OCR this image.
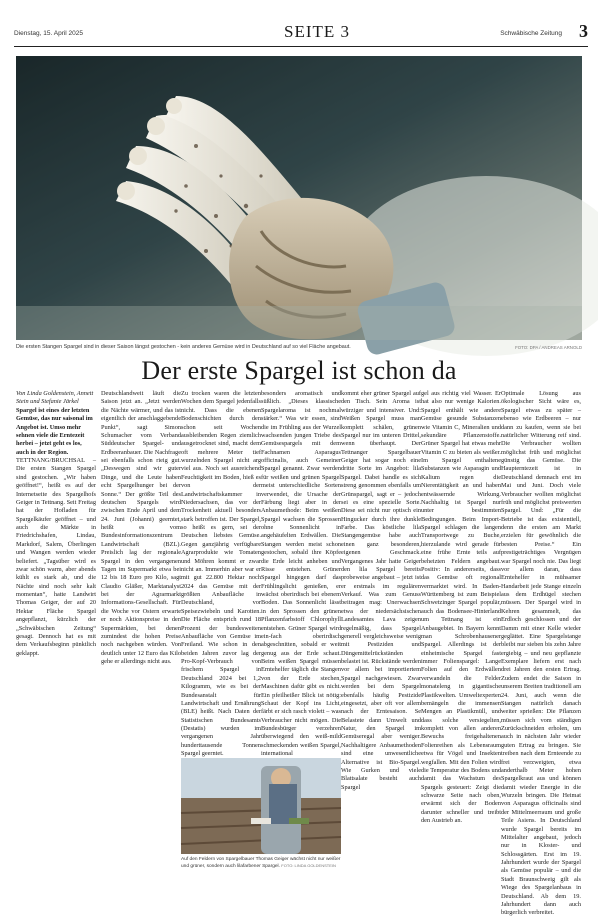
Dienstag, 15. April 2025	SEITE 3	Schwäbische Zeitung 3
Die ersten Stangen Spargel sind in dieser Saison längst gestochen - kein anderes Gemüse wird in Deutschland auf so viel Fläche angebaut.	FOTO: DPA / ANDREAS ARNOLD
Der erste Spargel ist schon da

Von Linda Goldenstein, Annett Stein und Stefanie Järkel

Spargel ist eines der letzten Gemüse, das nur saisonal im Angebot ist. Umso mehr sehnen viele die Erntezeit herbei – jetzt geht es los, auch in der Region.

TETTNANG/BRUCHSAL – Die ersten Stangen Spargel sind gestochen. „Wir haben geöffnet!“, heißt es auf der Internetseite des Spargelhofs Geiger in Tettnang. Seit Freitag hat der Hofladen für Spargelkäufer geöffnet – und auch die Märkte in Friedrichshafen, Lindau, Markdorf, Salem, Überlingen und Wangen werden wieder beliefert. „Tagsüber wird es zwar schön warm, aber abends kühlt es stark ab, und die Nächte sind noch sehr kalt momentan“, hatte Landwirt Thomas Geiger, der auf 20 Hektar Fläche Spargel angepflanzt, kürzlich der „Schwäbischen Zeitung“ gesagt. Dennoch hat es mit dem Verkaufsbeginn pünktlich geklappt.

Deutschlandweit läuft die Saison jetzt an. „Jetzt werden die Nächte wärmer, und das ist eigentlich der anschlaggebende Punkt“, sagt Simon Schumacher vom Verband Süddeutscher Spargel- und Erdbeeranbauer. Die Nachfrage sei ebenfalls schon rieig gut. „Deswegen sind wir guter Dinge, und die Leute haben echt Spargelhunger bei der Sonne.“ Der größte Teil des deutschen Spargels wird zwischen Ende April und dem 24. Juni (Johanni) geerntet, heißt es vom Bundesinformationszentrum Landwirtschaft (BZL). Preislich lag der regionale Spargel in den vergangenen Tagen im Supermarkt etwa bei 12 bis 18 Euro pro Kilo, sagt Claudio Gläßer, Marktanalyst bei der Agrarmarkt Informations-Gesellschaft. Für die Woche vor Ostern erwarte er noch Aktionspreise in den Supermärkten, bei denen zumindest die hohen Preise noch nachgeben würden. Von deutlich unter 12 Euro das Kilo gehe er allerdings nicht aus.

Zu trocken waren die letzten Wochen dem Spargel jedenfalls nicht. Dass die ebenen Bodenschichten durch den schon seit Wochen ausbleibenden Regen ziemlich ausgetrocknet sind, macht dem oft mehrere Meter tief wurzelnden Spargel nicht arg viel aus. Noch sei ausreichend Feuchtigkeit im Boden, hieß es von der Landwirtschaftskammer in Niedersachsen, das vor der Trockenheit aktuell besonders stark betroffen ist. Der Spargel, so heißt es gern, sei der Deutschen liebstes Gemüse. Gegen ganzjährig verfügbare Agrarprodukte wie Tomaten und Möhren kommt er zwar nicht an. Immerhin aber war er mit gut 22.800 Hektar noch 2024 das Gemüse mit der größten Anbaufläche in Deutschland, vor Speisezwiebeln und Karotten. Die Fläche entsprich rund 18 Prozent der bundesweiten Anbaufläche von Gemüse im Freiland. Wie schon in den beiden Jahren zuvor lag der Pro-Kopf-Verbrauch von frischem Spargel in Deutschland 2024 bei 1,2 Kilogramm, wie es bei der Bundesanstalt für Landwirtschaft und Ernährung (BLE) heißt. Nach Daten der Statistischen Bundesamts (Destatis) wurden im vergangenen Jahr hunderttausende Tonnen Spargel geerntet.

besonders aromatisch und süßlich. „Dieses klassische Spargelaroma ist nochmal stärker.“ Was wir essen, sind die im Frühling aus der Wurzel wachsenden jungen Triebe des Gemüsespargels mit dem Fachnamen Asparagus officinalis, auch Gemeiner Spargel genannt. Zwar werden für weißen und grünen Spargel meist unterschiedliche Sorten verwendet, die Ursache der Färbung liegt aber in der Anbaumethode: Beim weißen Spargel wachsen die Sprossen ohne Sonnenlicht in angehäufelten Erdwällen. Die Stangen werden meist schon gestochen, sobald ihre Köpfe die Erde leicht anheben und Risse entstehen. Grüner Spargel hingegen darf das Frühlingslicht genießen, er wächst oberirdisch bei ebenem Boden. Das Sonnenlicht lässt in den Sprossen den grünen Pflanzenfarbstoff Chlorophyll entstehen. Grüner Spargel wird ein-fach oberirdisch abgeschnitten, sobald er weit genug aus der Erde schaut. Beim weißen Spargel müssen Erntehelfer täglich die Stangen von der Erde stechen, Maschinen dafür gibt es nicht. Ein pfeilheißer Blick ist nötig: Schaut der Kopf ins Licht, färbt er sich rasch violett – was Verbraucher nicht mögen. Die Bundesbürger verzehren überwiegend den weiß-mild schmeckenden weißen Spargel, international

kommt eher grüner Spargel auf den Tisch. Sein Aroma ist würziger und intensiver. Und: Weißen Spargel muss man komplett schälen, grünen Spargel nur im unteren Drittel, wenn überhaupt. Der Tettnanger Spargelbauer Geiger hat sogar noch eine dritte Sorte im Angebot: lila Spargel. Dabei handle es sich streng genommen ebenfalls um Grünspargel, sagt er – jedoch sei es eine spezielle Sorte. Diese sei nicht nur optisch ein Hingucker durch ihre dunkle Farbe. Das köstliche lila Stangengemüse habe auch einen ganz besonderen, eigenen Geschmack. Vergangenes Jahr hatte Geiger den lila Spargel bereits probeweise angebaut – jetzt ist er erstmals im regulären Verkauf. Was zum Genuss beitragen mag: Unerwachsen etwa der niedersächsischen Landesamtes Lava zeigen regelmäßig, dass Spargel generell vergleichsweise wenig mit Pestiziden und Düngemittelrückständen belastet ist. Rückstände werden vor allem bei importiertem Spargel nachgewiesen. Zwar werden bei dem Spargel ebenfalls häufig Pestizide eingesetzt, aber oft vor allem nach der Erntesaison. Se Belastete dann Umwelt und Natur, den Spargel im Gemüseregal aber weniger. Nachhaltigere Anbaumethoden sind eine unwesentliche Alternative ist Bio-Spargel. Wie Gurken und viele Blattsalate besteht auch Spargel

gel aus richtig viel Wasser. Er hat also nur wenige Kalorien. Spargel enthält wie andere Gemüse gesunde Substanzen wie Vitamin C, Mineralien und sekundäre Pflanzenstoffe. Grüner Spargel hat etwas mehr Vitamin C zu bieten als weißer. Im Spargel enthaltene Substanzen wie Asparagin und Kalium regen die Nierentätigkeit an und haben entwässernde Wirkung. Nachhaltig ist Spargel nur unter bestimmten Bedingungen. Beim Import-Spargel schlagen die langen Transportwege zu Buche, hierzulande wird gerade für eine frühe Ernte teils auf beheizten Feldern angebaut. Positiv: In andererseits, dass das Gemüse oft regional vermarktet wird. In Baden-Württemberg ist zum Beispiel Schwetzinger Spargel populär, auch das Bodensee-Hinterland um Tettnang ist ein Anbaugebiet. In Bayern kennt man Schrobenhausener Spargel. Allerdings ist der einheimische Spargel fast immer Folienspargel: Lange Folien auf den Erdwällen verwandeln die Felder monateleng in gigantische Plastikwelten. Umweltexperten bemängeln die immensen Mengen an Plastikmüll, und dass solche versiegelten, komplett von allen anderen Bewuchs freigehaltenen Folienreihen als Lebensraum etwa für Vögel und Insekten wegfallen. Mit den Folien wird die Temperatur des Bodens und damit das Wachstum des Spargels gesteuert: Zeigt die schwarze Seite nach oben, erwärmt sich der Boden darunter schneller und treibt den Austrieb an.

Optimale Lösung aus ökologischer Sicht wäre es, Spargel etwas zu später – ebenso wie Erdbeeren – nur dann zu kaufen, wenn sie bei natürlicher Witterung reif sind. Die Verbraucher wollten möglichst früh und möglichst günstig das Gemüse. Die Haupterntezeit ist in Deutschland demnach erst im Mai und Juni. Doch viele Verbraucher wollten möglichst früh und möglichst preiswerten Spargel. Und: „Für die Betriebe ist das existentiell, denn die ersten am Markt erzielen für gewöhnlich die besten Preise.“ Ein prestigeträchtiges Vergnügen war Spargel noch nie. Das liegt vor allem daran, dass Erntehelfer in mühsamer Handarbeit jede Stange einzeln aus dem Erdhügel stechen müssen. Der Spargel wird in Kehren gesammelt, das Erdloch geschlossen und der Damm mit einer Kelle wieder geglättet. Eine Spargelstange bleibt nur sieben bis zehn Jahre ergiebig – und neu gepflanzte Exemplare liefern erst nach drei Jahren den ersten Ertrag. Zudem endet die Saison in unserem Breiten traditionell am 24. Juni, auch wenn die Stangen natürlich danach weiter sprießen: Die Pflanzen müssen sich vom ständigen Zurückschneiden erholen, um auch in nächsten Jahr wieder guten Ertrag zu bringen. Sie treiben nach dem Ernteende zu frei verzweigten, etwa anderthalb Meter hohen Spargelkraut aus und können damit wieder Energie in die Wurzeln bringen. Die Heimat von Asparagus officinalis sind der Mittelmeerraum und große Teile Asiens. In Deutschland wurde Spargel bereits im Mittelalter angebaut, jedoch nur in Kloster- und Schlossgärten. Erst im 19. Jahrhundert wurde der Spargel als Gemüse populär – und die Stadt Braunschweig gilt als Wiege des Spargelanbaus in Deutschland. Ab dem 19. Jahrhundert dann auch bürgerlich verbreitet.

Auf den Feldern von Spargelbauer Thomas Geiger wächst nicht nur weißer und grüner, sondern auch lilafarbener Spargel. FOTO: LINDA GOLDENSTEIN
